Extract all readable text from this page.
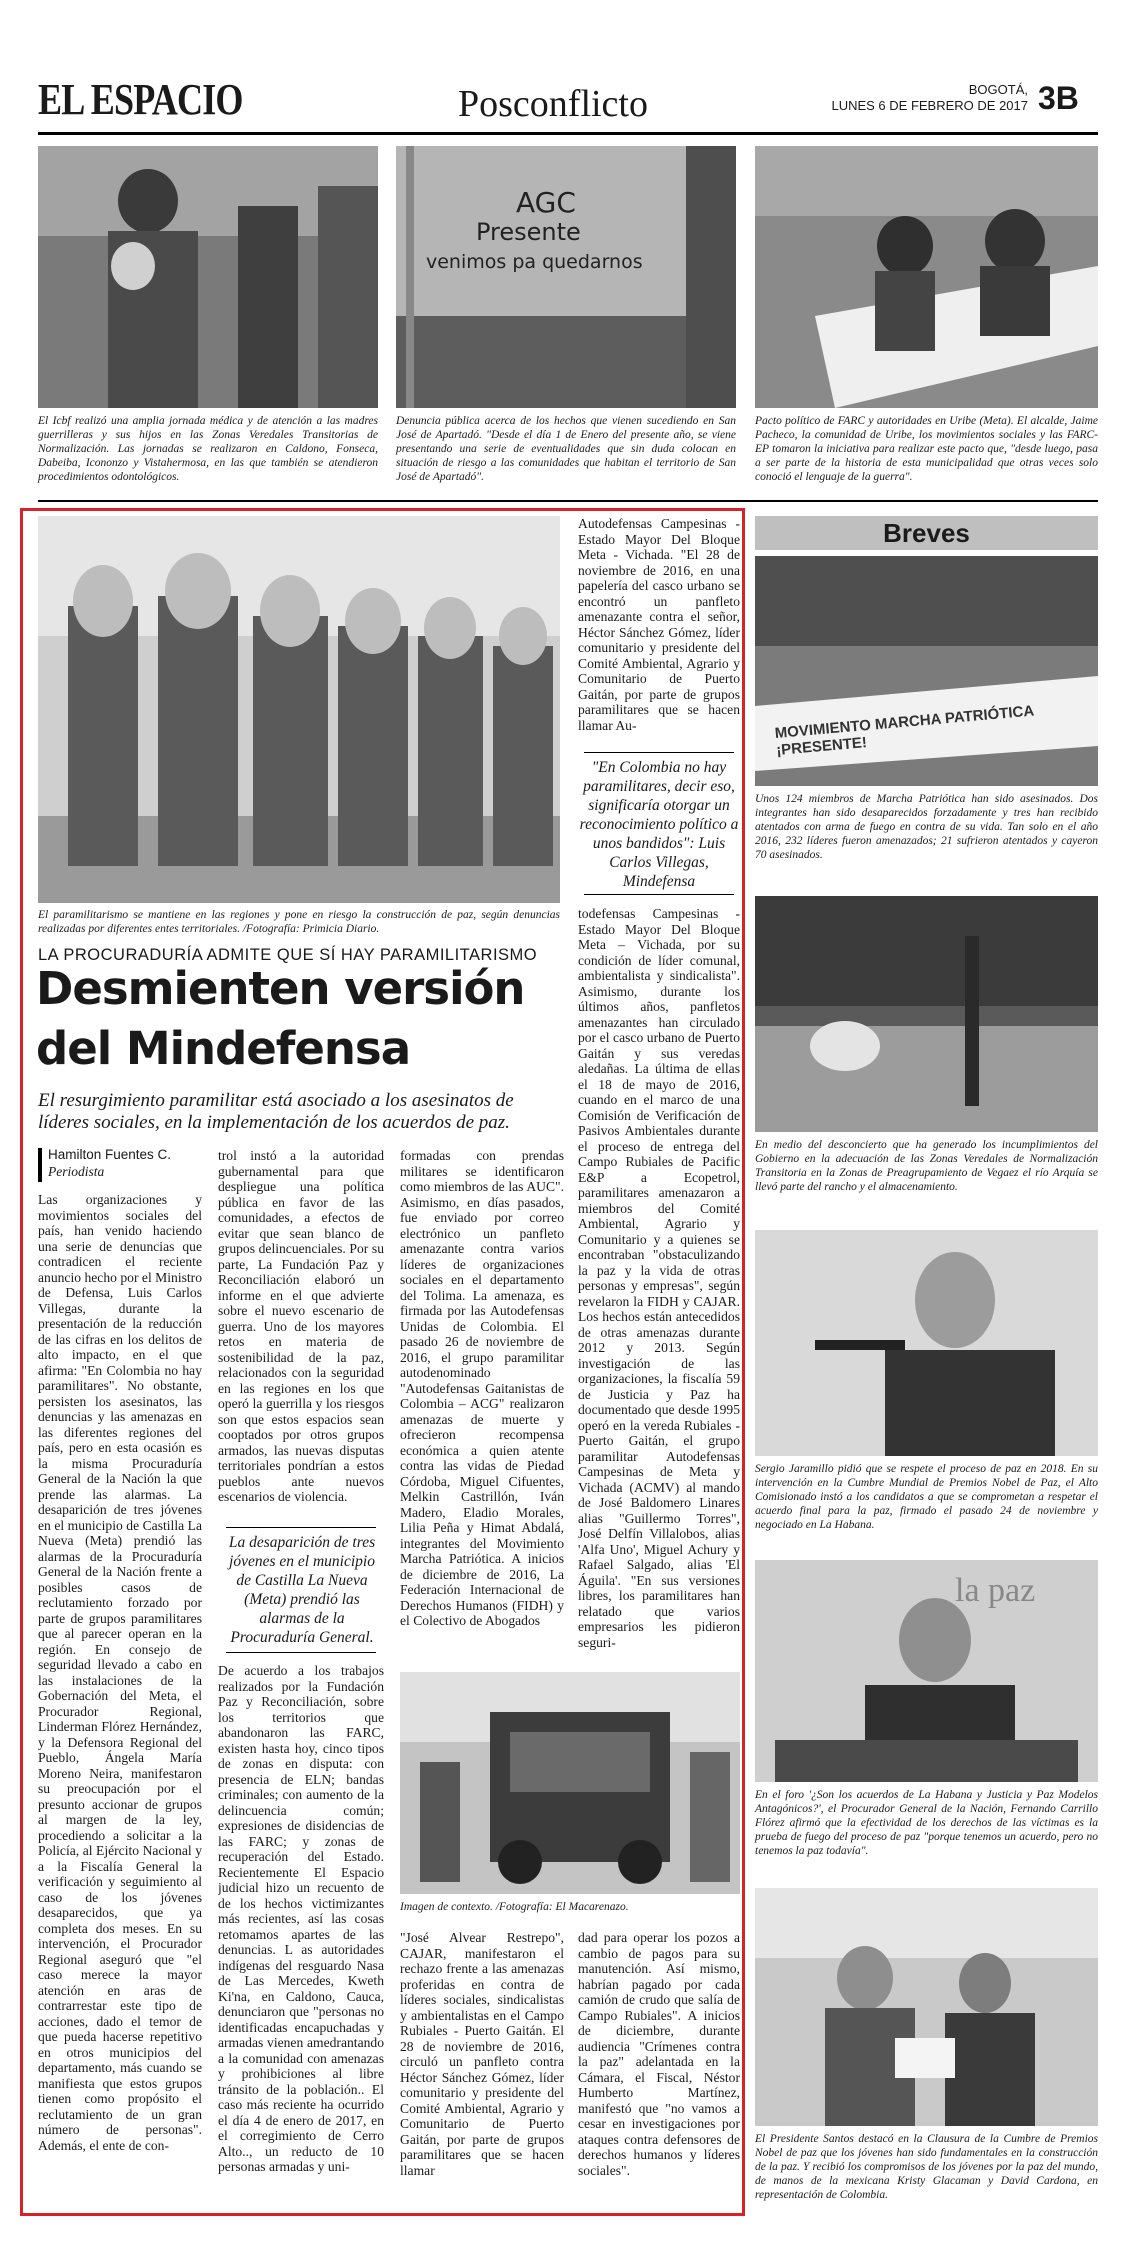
EL ESPACIO	Posconflicto	BOGOTÁ,
LUNES 6 DE FEBRERO DE 2017 3B
El Icbf realizó una amplia jornada médica y de atención a las madres guerrilleras y sus hijos en las Zonas Veredales Transitorias de Normalización. Las jornadas se realizaron en Caldono, Fonseca, Dabeiba, Icononzo y Vistahermosa, en las que también se atendieron procedimientos odontológicos.
AGC
Presente
venimos pa quedarnos
Denuncia pública acerca de los hechos que vienen sucediendo en San José de Apartadó. "Desde el día 1 de Enero del presente año, se viene presentando una serie de eventualidades que sin duda colocan en situación de riesgo a las comunidades que habitan el territorio de San José de Apartadó".
Pacto político de FARC y autoridades en Uribe (Meta). El alcalde, Jaime Pacheco, la comunidad de Uribe, los movimientos sociales y las FARC-EP tomaron la iniciativa para realizar este pacto que, "desde luego, pasa a ser parte de la historia de esta municipalidad que otras veces solo conoció el lenguaje de la guerra".
El paramilitarismo se mantiene en las regiones y pone en riesgo la construcción de paz, según denuncias realizadas por diferentes entes territoriales. /Fotografía: Primicia Diario.
LA PROCURADURÍA ADMITE QUE SÍ HAY PARAMILITARISMO
Desmienten versión
del Mindefensa
El resurgimiento paramilitar está asociado a los asesinatos de líderes sociales, en la implementación de los acuerdos de paz.
Hamilton Fuentes C.
Periodista
Las organizaciones y movimientos sociales del país, han venido haciendo una serie de denuncias que contradicen el reciente anuncio hecho por el Ministro de Defensa, Luis Carlos Villegas, durante la presentación de la reducción de las cifras en los delitos de alto impacto, en el que afirma: "En Colombia no hay paramilitares". No obstante, persisten los asesinatos, las denuncias y las amenazas en las diferentes regiones del país, pero en esta ocasión es la misma Procuraduría General de la Nación la que prende las alarmas. La desaparición de tres jóvenes en el municipio de Castilla La Nueva (Meta) prendió las alarmas de la Procuraduría General de la Nación frente a posibles casos de reclutamiento forzado por parte de grupos paramilitares que al parecer operan en la región. En consejo de seguridad llevado a cabo en las instalaciones de la Gobernación del Meta, el Procurador Regional, Linderman Flórez Hernández, y la Defensora Regional del Pueblo, Ángela María Moreno Neira, manifestaron su preocupación por el presunto accionar de grupos al margen de la ley, procediendo a solicitar a la Policía, al Ejército Nacional y a la Fiscalía General la verificación y seguimiento al caso de los jóvenes desaparecidos, que ya completa dos meses. En su intervención, el Procurador Regional aseguró que "el caso merece la mayor atención en aras de contrarrestar este tipo de acciones, dado el temor de que pueda hacerse repetitivo en otros municipios del departamento, más cuando se manifiesta que estos grupos tienen como propósito el reclutamiento de un gran número de personas". Además, el ente de con-
trol instó a la autoridad gubernamental para que despliegue una política pública en favor de las comunidades, a efectos de evitar que sean blanco de grupos delincuenciales. Por su parte, La Fundación Paz y Reconciliación elaboró un informe en el que advierte sobre el nuevo escenario de guerra. Uno de los mayores retos en materia de sostenibilidad de la paz, relacionados con la seguridad en las regiones en los que operó la guerrilla y los riesgos son que estos espacios sean cooptados por otros grupos armados, las nuevas disputas territoriales pondrían a estos pueblos ante nuevos escenarios de violencia.
La desaparición de tres jóvenes en el municipio de Castilla La Nueva (Meta) prendió las alarmas de la Procuraduría General.
De acuerdo a los trabajos realizados por la Fundación Paz y Reconciliación, sobre los territorios que abandonaron las FARC, existen hasta hoy, cinco tipos de zonas en disputa: con presencia de ELN; bandas criminales; con aumento de la delincuencia común; expresiones de disidencias de las FARC; y zonas de recuperación del Estado. Recientemente El Espacio judicial hizo un recuento de de los hechos victimizantes más recientes, así las cosas retomamos apartes de las denuncias. L as autoridades indígenas del resguardo Nasa de Las Mercedes, Kweth Ki'na, en Caldono, Cauca, denunciaron que "personas no identificadas encapuchadas y armadas vienen amedrantando a la comunidad con amenazas y prohibiciones al libre tránsito de la población.. El caso más reciente ha ocurrido el día 4 de enero de 2017, en el corregimiento de Cerro Alto.., un reducto de 10 personas armadas y uni-
formadas con prendas militares se identificaron como miembros de las AUC". Asimismo, en días pasados, fue enviado por correo electrónico un panfleto amenazante contra varios líderes de organizaciones sociales en el departamento del Tolima. La amenaza, es firmada por las Autodefensas Unidas de Colombia. El pasado 26 de noviembre de 2016, el grupo paramilitar autodenominado "Autodefensas Gaitanistas de Colombia – ACG" realizaron amenazas de muerte y ofrecieron recompensa económica a quien atente contra las vidas de Piedad Córdoba, Miguel Cifuentes, Melkin Castrillón, Iván Madero, Eladio Morales, Lilia Peña y Himat Abdalá, integrantes del Movimiento Marcha Patriótica. A inicios de diciembre de 2016, La Federación Internacional de Derechos Humanos (FIDH) y el Colectivo de Abogados
Autodefensas Campesinas - Estado Mayor Del Bloque Meta - Vichada. "El 28 de noviembre de 2016, en una papelería del casco urbano se encontró un panfleto amenazante contra el señor, Héctor Sánchez Gómez, líder comunitario y presidente del Comité Ambiental, Agrario y Comunitario de Puerto Gaitán, por parte de grupos paramilitares que se hacen llamar Au-
"En Colombia no hay paramilitares, decir eso, significaría otorgar un reconocimiento político a unos bandidos": Luis Carlos Villegas, Mindefensa
todefensas Campesinas - Estado Mayor Del Bloque Meta – Vichada, por su condición de líder comunal, ambientalista y sindicalista". Asimismo, durante los últimos años, panfletos amenazantes han circulado por el casco urbano de Puerto Gaitán y sus veredas aledañas. La última de ellas el 18 de mayo de 2016, cuando en el marco de una Comisión de Verificación de Pasivos Ambientales durante el proceso de entrega del Campo Rubiales de Pacific E&P a Ecopetrol, paramilitares amenazaron a miembros del Comité Ambiental, Agrario y Comunitario y a quienes se encontraban "obstaculizando la paz y la vida de otras personas y empresas", según revelaron la FIDH y CAJAR. Los hechos están antecedidos de otras amenazas durante 2012 y 2013. Según investigación de las organizaciones, la fiscalía 59 de Justicia y Paz ha documentado que desde 1995 operó en la vereda Rubiales - Puerto Gaitán, el grupo paramilitar Autodefensas Campesinas de Meta y Vichada (ACMV) al mando de José Baldomero Linares alias "Guillermo Torres", José Delfín Villalobos, alias 'Alfa Uno', Miguel Achury y Rafael Salgado, alias 'El Águila'. "En sus versiones libres, los paramilitares han relatado que varios empresarios les pidieron seguri-
Imagen de contexto. /Fotografía: El Macarenazo.
"José Alvear Restrepo", CAJAR, manifestaron el rechazo frente a las amenazas proferidas en contra de líderes sociales, sindicalistas y ambientalistas en el Campo Rubiales - Puerto Gaitán. El 28 de noviembre de 2016, circuló un panfleto contra Héctor Sánchez Gómez, líder comunitario y presidente del Comité Ambiental, Agrario y Comunitario de Puerto Gaitán, por parte de grupos paramilitares que se hacen llamar
dad para operar los pozos a cambio de pagos para su manutención. Así mismo, habrían pagado por cada camión de crudo que salía de Campo Rubiales". A inicios de diciembre, durante audiencia "Crímenes contra la paz" adelantada en la Cámara, el Fiscal, Néstor Humberto Martínez, manifestó que "no vamos a cesar en investigaciones por ataques contra defensores de derechos humanos y líderes sociales".
Breves
MOVIMIENTO MARCHA PATRIÓTICA ¡PRESENTE!
Unos 124 miembros de Marcha Patriótica han sido asesinados. Dos integrantes han sido desaparecidos forzadamente y tres han recibido atentados con arma de fuego en contra de su vida. Tan solo en el año 2016, 232 líderes fueron amenazados; 21 sufrieron atentados y cayeron 70 asesinados.
En medio del desconcierto que ha generado los incumplimientos del Gobierno en la adecuación de las Zonas Veredales de Normalización Transitoria en la Zonas de Preagrupamiento de Vegaez el río Arquía se llevó parte del rancho y el almacenamiento.
Sergio Jaramillo pidió que se respete el proceso de paz en 2018. En su intervención en la Cumbre Mundial de Premios Nobel de Paz, el Alto Comisionado instó a los candidatos a que se comprometan a respetar el acuerdo final para la paz, firmado el pasado 24 de noviembre y negociado en La Habana.
la paz
En el foro '¿Son los acuerdos de La Habana y Justicia y Paz Modelos Antagónicos?', el Procurador General de la Nación, Fernando Carrillo Flórez afirmó que la efectividad de los derechos de las víctimas es la prueba de fuego del proceso de paz "porque tenemos un acuerdo, pero no tenemos la paz todavía".
El Presidente Santos destacó en la Clausura de la Cumbre de Premios Nobel de paz que los jóvenes han sido fundamentales en la construcción de la paz. Y recibió los compromisos de los jóvenes por la paz del mundo, de manos de la mexicana Kristy Glacaman y David Cardona, en representación de Colombia.
